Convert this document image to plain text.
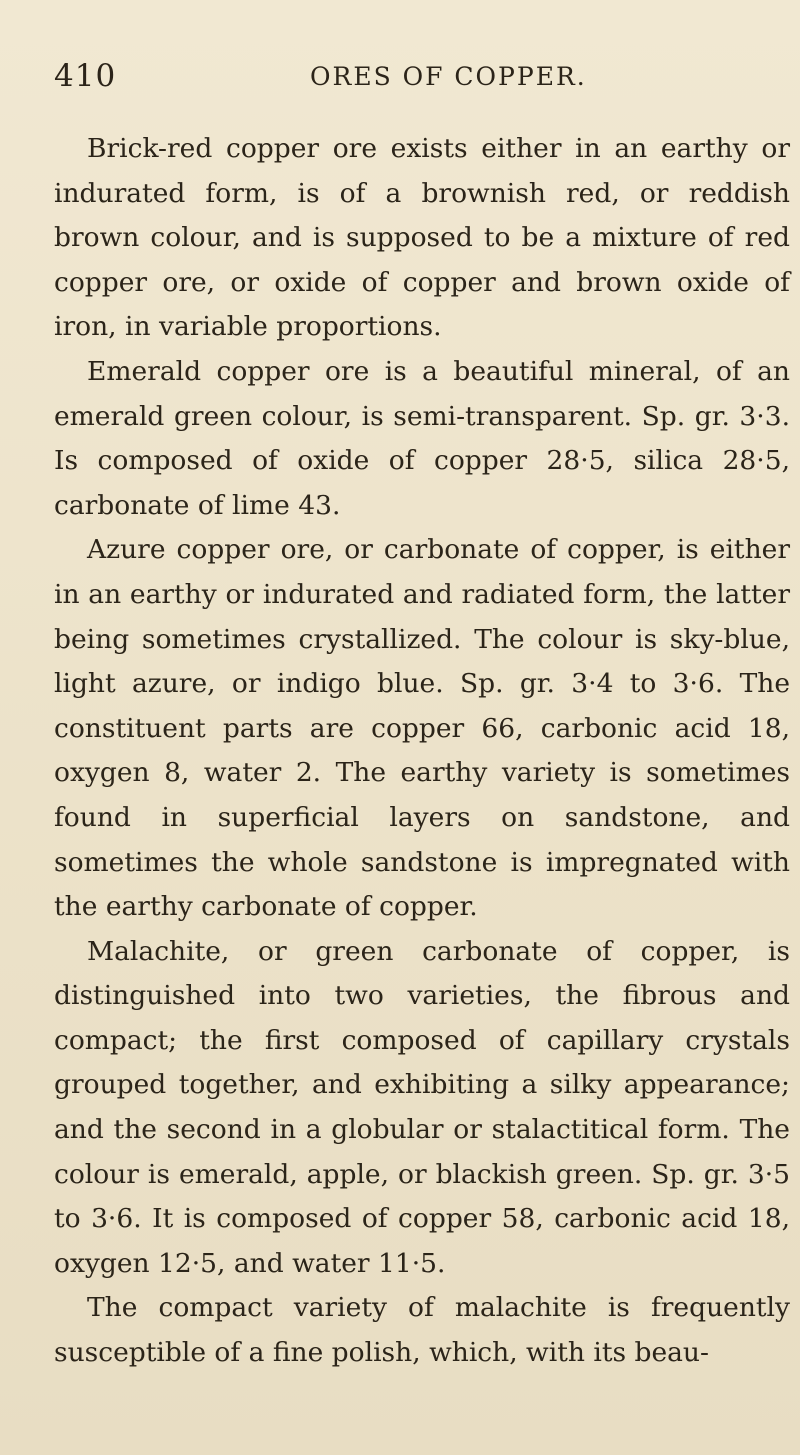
410	ORES OF COPPER.

Brick-red copper ore exists either in an earthy or indurated form, is of a brownish red, or reddish brown colour, and is supposed to be a mixture of red copper ore, or oxide of copper and brown oxide of iron, in variable proportions.

Emerald copper ore is a beautiful mineral, of an emerald green colour, is semi-transparent. Sp. gr. 3·3. Is composed of oxide of copper 28·5, silica 28·5, carbonate of lime 43.

Azure copper ore, or carbonate of copper, is either in an earthy or indurated and radiated form, the latter being sometimes crystallized. The colour is sky-blue, light azure, or indigo blue. Sp. gr. 3·4 to 3·6. The constituent parts are copper 66, carbonic acid 18, oxygen 8, water 2. The earthy variety is sometimes found in superficial layers on sandstone, and sometimes the whole sandstone is impregnated with the earthy carbonate of copper.

Malachite, or green carbonate of copper, is distinguished into two varieties, the fibrous and compact; the first composed of capillary crystals grouped together, and exhibiting a silky appearance; and the second in a globular or stalactitical form. The colour is emerald, apple, or blackish green. Sp. gr. 3·5 to 3·6. It is composed of copper 58, carbonic acid 18, oxygen 12·5, and water 11·5.

The compact variety of malachite is frequently susceptible of a fine polish, which, with its beau-
